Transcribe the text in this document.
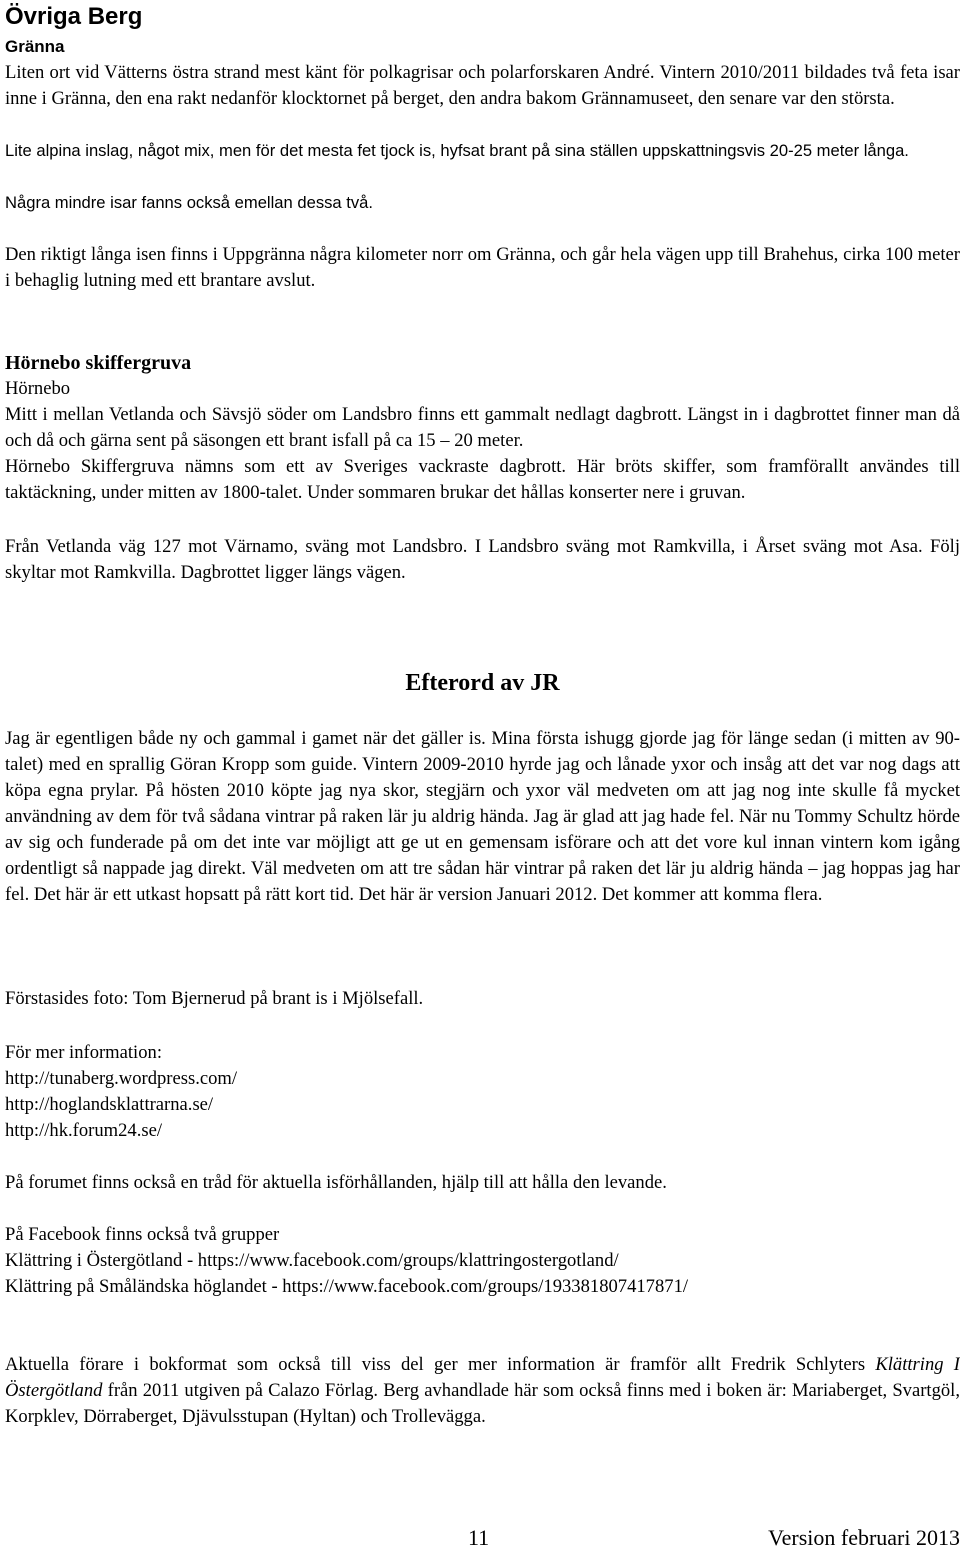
Övriga Berg
Gränna

Liten ort vid Vätterns östra strand mest känt för polkagrisar och polarforskaren André. Vintern 2010/2011 bildades två feta isar inne i Gränna, den ena rakt nedanför klocktornet på berget, den andra bakom Grännamuseet, den senare var den största.

Lite alpina inslag, något mix, men för det mesta fet tjock is, hyfsat brant på sina ställen uppskattningsvis 20-25 meter långa.

Några mindre isar fanns också emellan dessa två.

Den riktigt långa isen finns i Uppgränna några kilometer norr om Gränna, och går hela vägen upp till Brahehus, cirka 100 meter i behaglig lutning med ett brantare avslut.

Hörnebo skiffergruva
Hörnebo

Mitt i mellan Vetlanda och Sävsjö söder om Landsbro finns ett gammalt nedlagt dagbrott. Längst in i dagbrottet finner man då och då och gärna sent på säsongen ett brant isfall på ca 15 – 20 meter.

Hörnebo Skiffergruva nämns som ett av Sveriges vackraste dagbrott. Här bröts skiffer, som framförallt användes till taktäckning, under mitten av 1800-talet. Under sommaren brukar det hållas konserter nere i gruvan.

Från Vetlanda väg 127 mot Värnamo, sväng mot Landsbro. I Landsbro sväng mot Ramkvilla, i Årset sväng mot Asa. Följ skyltar mot Ramkvilla. Dagbrottet ligger längs vägen.

Efterord av JR

Jag är egentligen både ny och gammal i gamet när det gäller is. Mina första ishugg gjorde jag för länge sedan (i mitten av 90-talet) med en sprallig Göran Kropp som guide. Vintern 2009-2010 hyrde jag och lånade yxor och insåg att det var nog dags att köpa egna prylar. På hösten 2010 köpte jag nya skor, stegjärn och yxor väl medveten om att jag nog inte skulle få mycket användning av dem för två sådana vintrar på raken lär ju aldrig hända. Jag är glad att jag hade fel. När nu Tommy Schultz hörde av sig och funderade på om det inte var möjligt att ge ut en gemensam isförare och att det vore kul innan vintern kom igång ordentligt så nappade jag direkt. Väl medveten om att tre sådan här vintrar på raken det lär ju aldrig hända – jag hoppas jag har fel. Det här är ett utkast hopsatt på rätt kort tid. Det här är version Januari 2012. Det kommer att komma flera.

Förstasides foto: Tom Bjernerud på brant is i Mjölsefall.
För mer information:
http://tunaberg.wordpress.com/
http://hoglandsklattrarna.se/
http://hk.forum24.se/
På forumet finns också en tråd för aktuella isförhållanden, hjälp till att hålla den levande.
På Facebook finns också två grupper
Klättring i Östergötland - https://www.facebook.com/groups/klattringostergotland/
Klättring på Småländska höglandet - https://www.facebook.com/groups/193381807417871/

Aktuella förare i bokformat som också till viss del ger mer information är framför allt Fredrik Schlyters Klättring I Östergötland från 2011 utgiven på Calazo Förlag. Berg avhandlade här som också finns med i boken är: Mariaberget, Svartgöl, Korpklev, Dörraberget, Djävulsstupan (Hyltan) och Trolleväggа.

11	Version februari 2013
